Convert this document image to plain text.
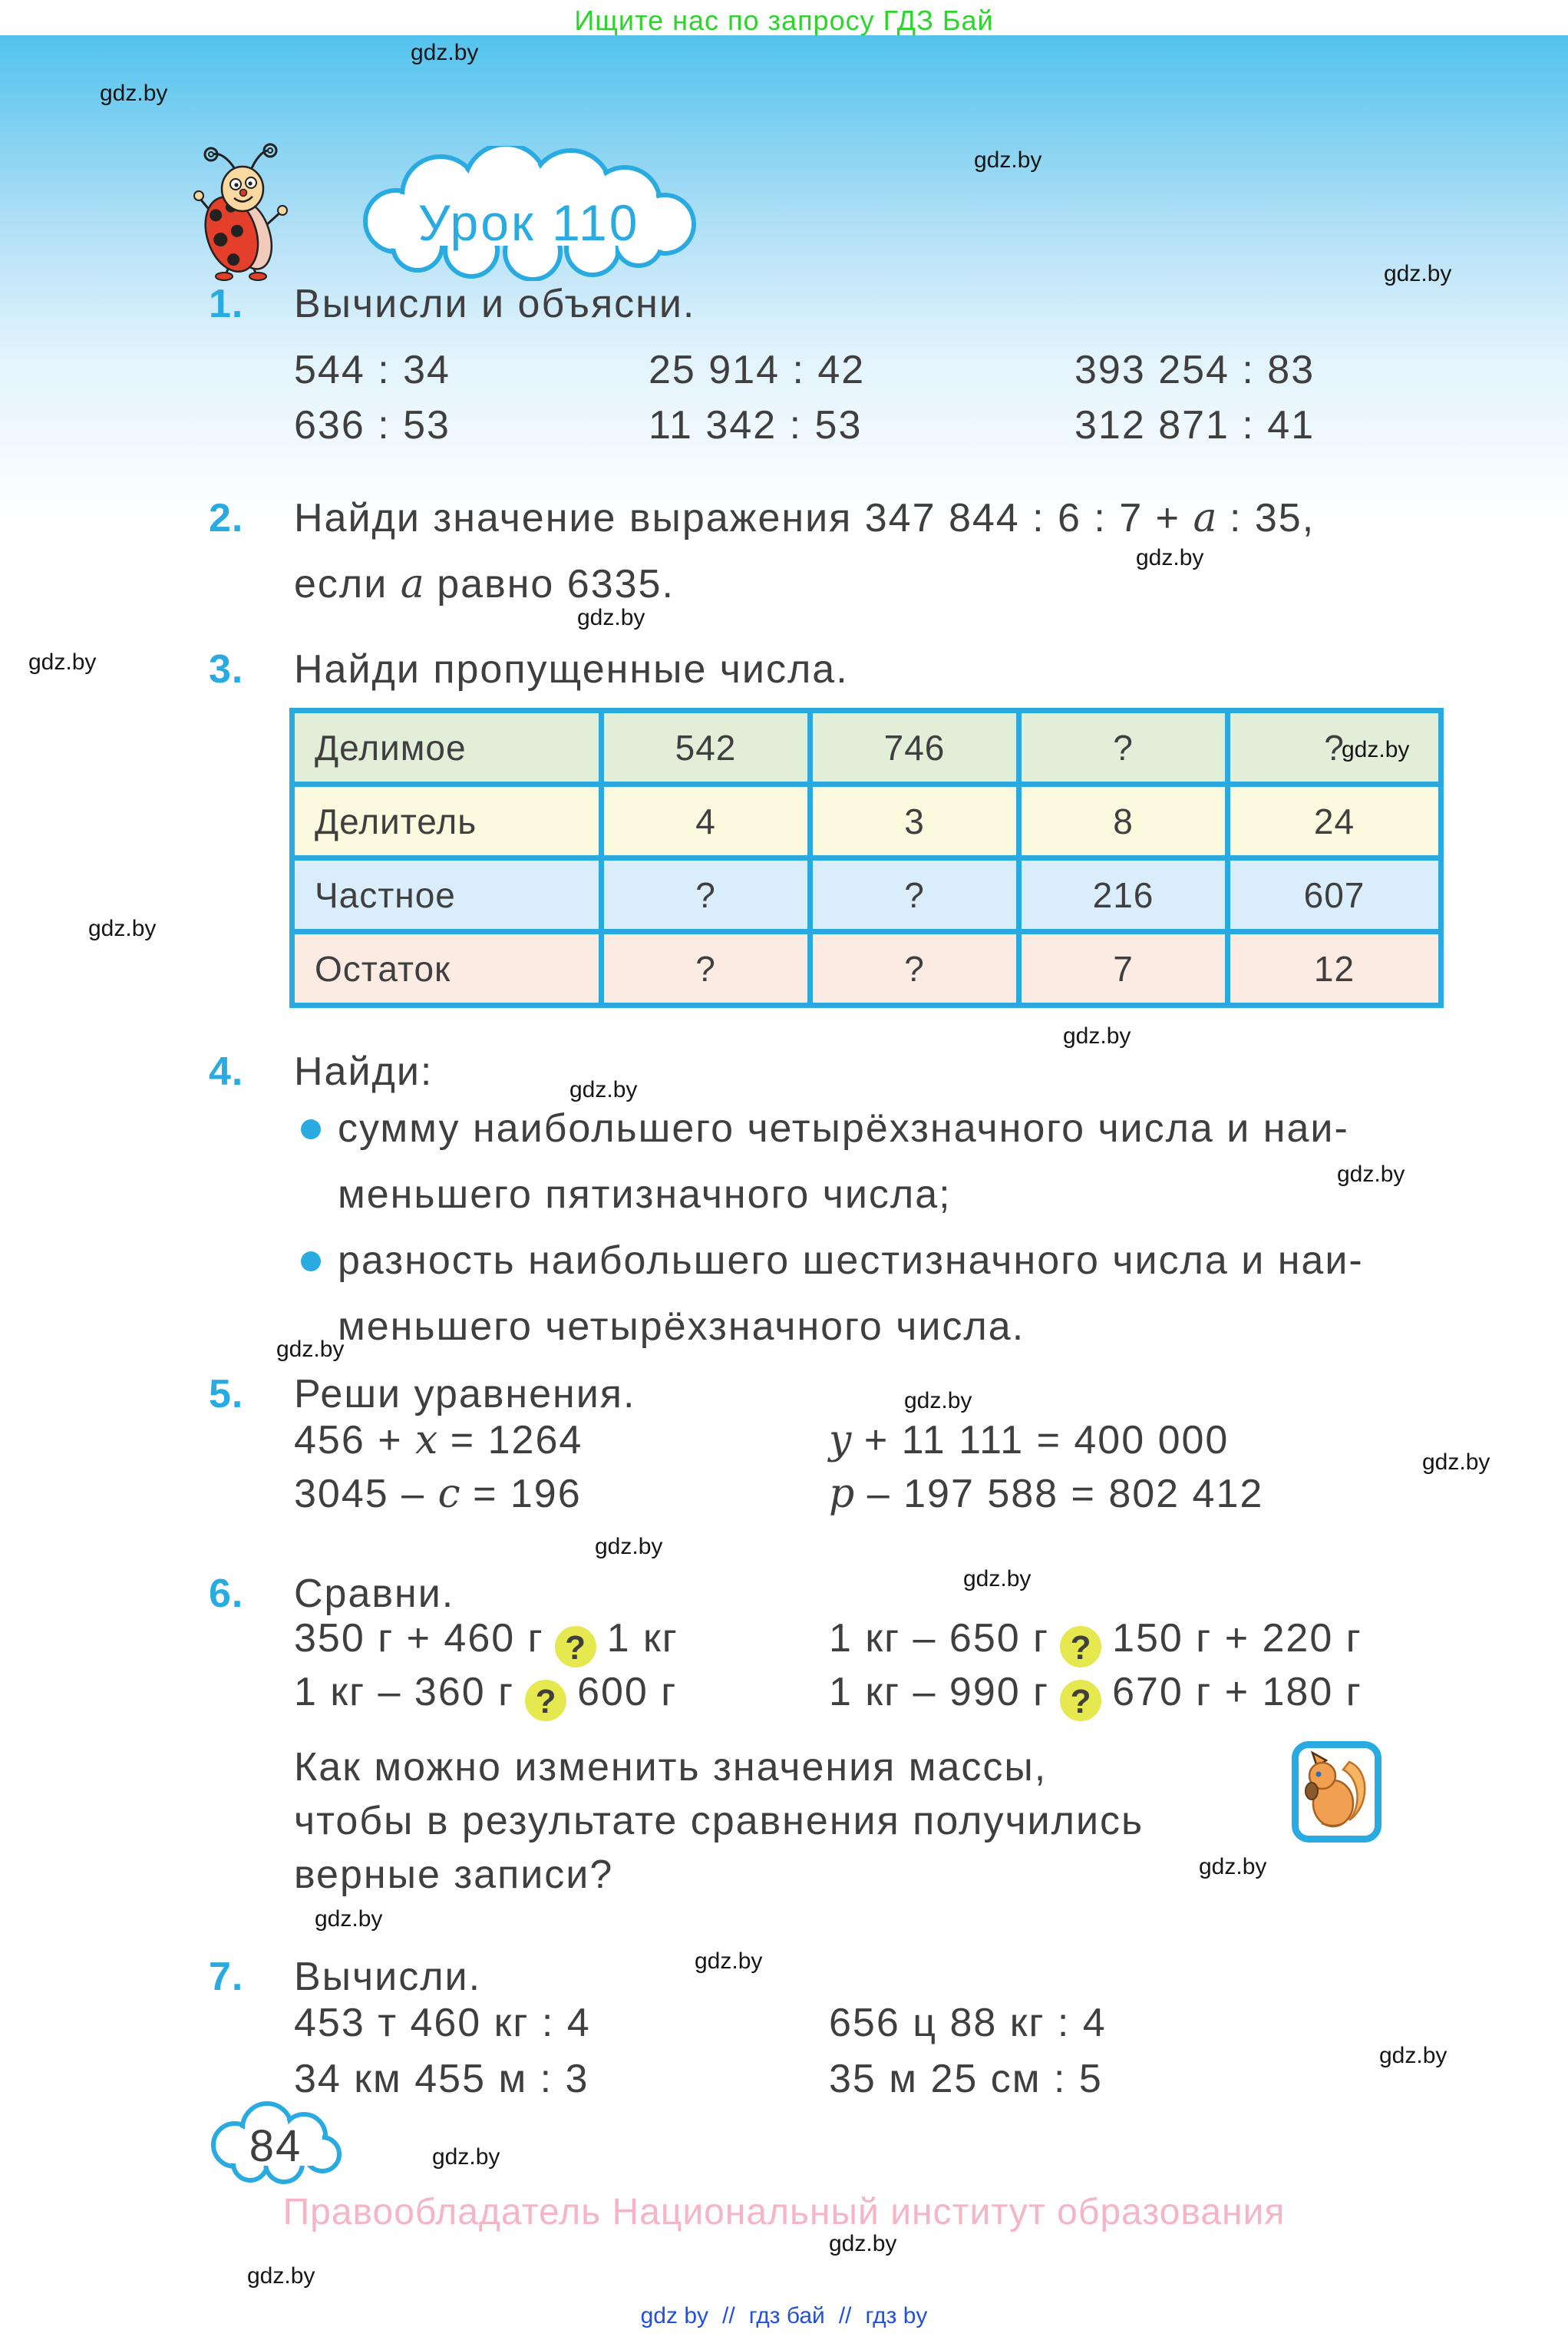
Ищите нас по запросу ГДЗ Бай
Урок 110
1. Вычисли и объясни.
544 : 34	25 914 : 42	393 254 : 83
636 : 53	11 342 : 53	312 871 : 41
2. Найди значение выражения 347 844 : 6 : 7 + a : 35,
если a равно 6335.
3. Найди пропущенные числа.
Делимое	542	746	?	?
Делитель	4	3	8	24
Частное	?	?	216	607
Остаток	?	?	7	12
4. Найди:
сумму наибольшего четырёхзначного числа и наи-
меньшего пятизначного числа;
разность наибольшего шестизначного числа и наи-
меньшего четырёхзначного числа.
5. Реши уравнения.
456 + x = 1264	y + 11 111 = 400 000
3045 – c = 196	p – 197 588 = 802 412
6. Сравни.
350 г + 460 г ? 1 кг	1 кг – 650 г ? 150 г + 220 г
1 кг – 360 г ? 600 г	1 кг – 990 г ? 670 г + 180 г
Как можно изменить значения массы,
чтобы в результате сравнения получились
верные записи?
7. Вычисли.
453 т 460 кг : 4	656 ц 88 кг : 4
34 км 455 м : 3	35 м 25 см : 5
84
Правообладатель Национальный институт образования
gdz by // гдз бай // гдз by
gdz.by
gdz.by
gdz.by
gdz.by
gdz.by
gdz.by
gdz.by
gdz.by
gdz.by
gdz.by
gdz.by
gdz.by
gdz.by
gdz.by
gdz.by
gdz.by
gdz.by
gdz.by
gdz.by
gdz.by
gdz.by
gdz.by
gdz.by
gdz.by
